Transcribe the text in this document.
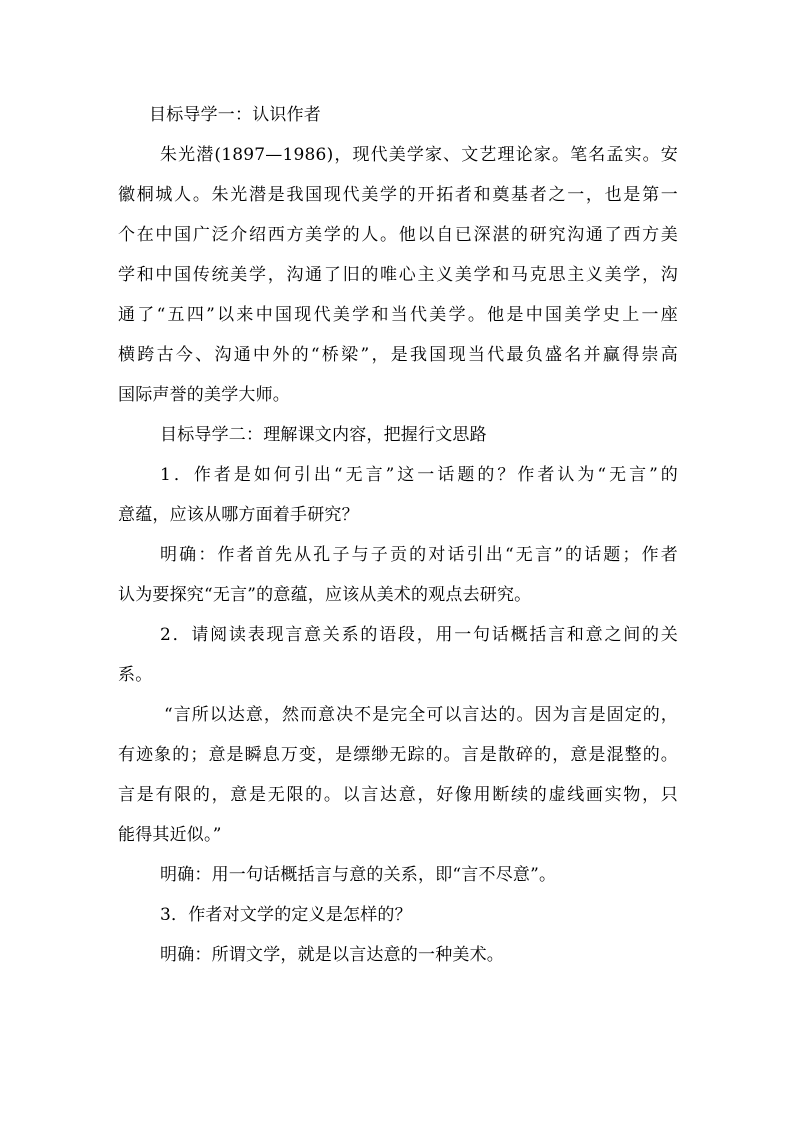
目标导学一：认识作者
朱光潜(1897—1986)，现代美学家、文艺理论家。笔名孟实。安
徽桐城人。朱光潜是我国现代美学的开拓者和奠基者之一，也是第一
个在中国广泛介绍西方美学的人。他以自已深湛的研究沟通了西方美
学和中国传统美学，沟通了旧的唯心主义美学和马克思主义美学，沟
通了“五四”以来中国现代美学和当代美学。他是中国美学史上一座
横跨古今、沟通中外的“桥梁”，是我国现当代最负盛名并赢得崇高
国际声誉的美学大师。
目标导学二：理解课文内容，把握行文思路
1．作者是如何引出“无言”这一话题的？作者认为“无言”的
意蕴，应该从哪方面着手研究？
明确：作者首先从孔子与子贡的对话引出“无言”的话题；作者
认为要探究“无言”的意蕴，应该从美术的观点去研究。
2．请阅读表现言意关系的语段，用一句话概括言和意之间的关
系。
“言所以达意，然而意决不是完全可以言达的。因为言是固定的，
有迹象的；意是瞬息万变，是缥缈无踪的。言是散碎的，意是混整的。
言是有限的，意是无限的。以言达意，好像用断续的虚线画实物，只
能得其近似。”
明确：用一句话概括言与意的关系，即“言不尽意”。
3．作者对文学的定义是怎样的？
明确：所谓文学，就是以言达意的一种美术。
